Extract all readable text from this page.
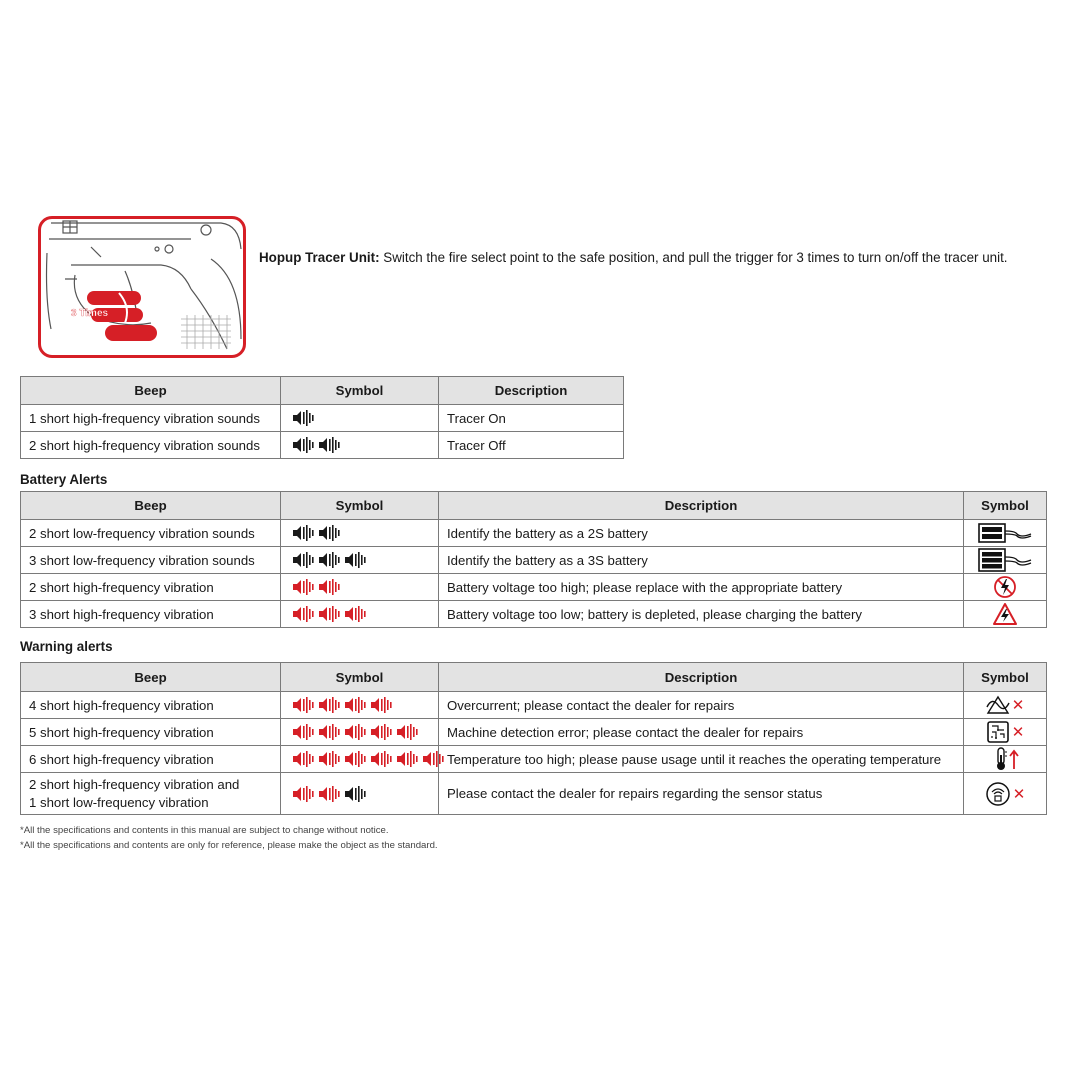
3 Times
Hopup Tracer Unit: Switch the fire select point to the safe position, and pull the trigger for 3 times to turn on/off the tracer unit.
Beep	Symbol	Description
1 short high-frequency vibration sounds		Tracer On
2 short high-frequency vibration sounds		Tracer Off
Battery Alerts
Beep	Symbol	Description	Symbol
2 short low-frequency vibration sounds		Identify the battery as a 2S battery	

3 short low-frequency vibration sounds		Identify the battery as a 3S battery	

2 short high-frequency vibration		Battery voltage too high; please replace with the appropriate battery	

3 short high-frequency vibration		Battery voltage too low; battery is depleted, please charging the battery	
Warning alerts
Beep	Symbol	Description	Symbol
4 short high-frequency vibration		Overcurrent; please contact the dealer for repairs	✕
5 short high-frequency vibration		Machine detection error; please contact the dealer for repairs	✕
6 short high-frequency vibration		Temperature too high; please pause usage until it reaches the operating temperature	

2 short high-frequency vibration and
1 short low-frequency vibration		Please contact the dealer for repairs regarding the sensor status	✕
*All the specifications and contents in this manual are subject to change without notice.
*All the specifications and contents are only for reference, please make the object as the standard.
